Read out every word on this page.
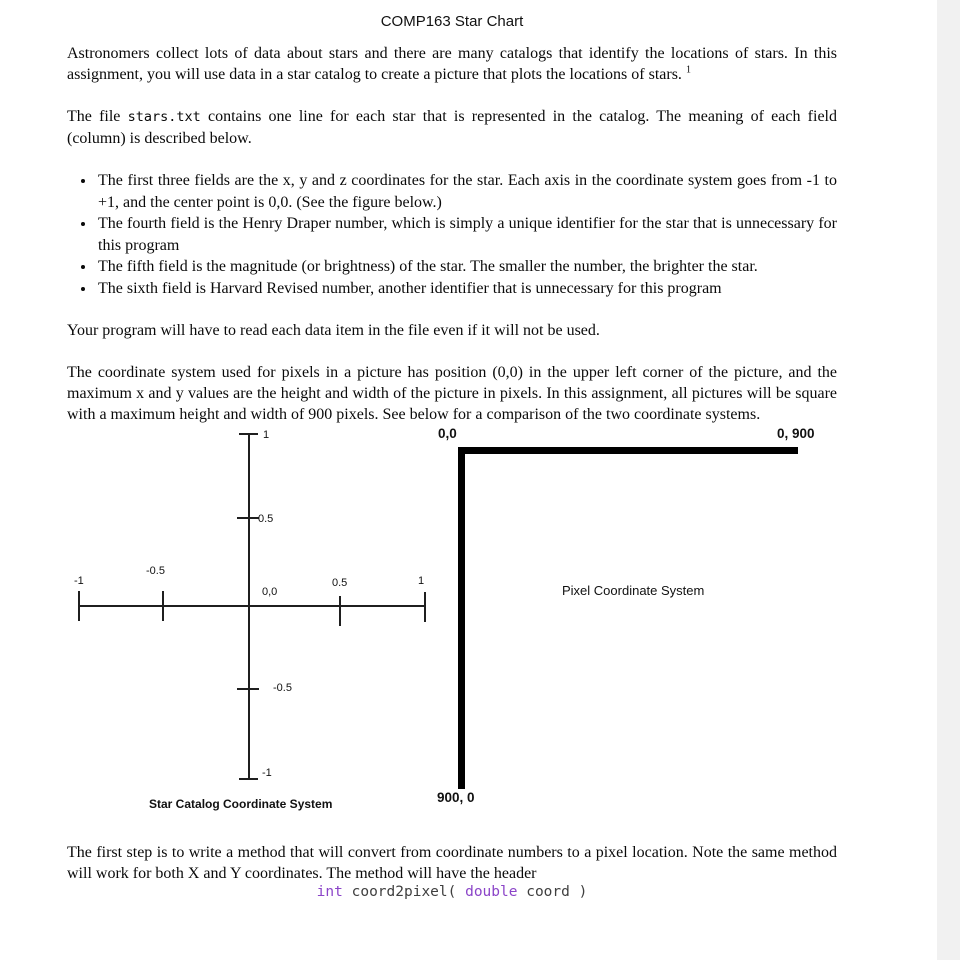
COMP163 Star Chart

Astronomers collect lots of data about stars and there are many catalogs that identify the locations of stars. In this assignment, you will use data in a star catalog to create a picture that plots the locations of stars. $^1$

The file stars.txt contains one line for each star that is represented in the catalog. The meaning of each field (column) is described below.

• The first three fields are the x, y and z coordinates for the star. Each axis in the coordinate system goes from -1 to +1, and the center point is 0,0. (See the figure below.)
• The fourth field is the Henry Draper number, which is simply a unique identifier for the star that is unnecessary for this program
• The fifth field is the magnitude (or brightness) of the star. The smaller the number, the brighter the star.
• The sixth field is Harvard Revised number, another identifier that is unnecessary for this program

Your program will have to read each data item in the file even if it will not be used.

The coordinate system used for pixels in a picture has position (0,0) in the upper left corner of the picture, and the maximum x and y values are the height and width of the picture in pixels. In this assignment, all pictures will be square with a maximum height and width of 900 pixels. See below for a comparison of the two coordinate systems.

1
0.5
0,0
-0.5
-1
-1
-0.5
0.5	1
Star Catalog Coordinate System
0,0	0, 900
900, 0
Pixel Coordinate System

The first step is to write a method that will convert from coordinate numbers to a pixel location. Note the same method will work for both X and Y coordinates. The method will have the header

int coord2pixel( double coord )
